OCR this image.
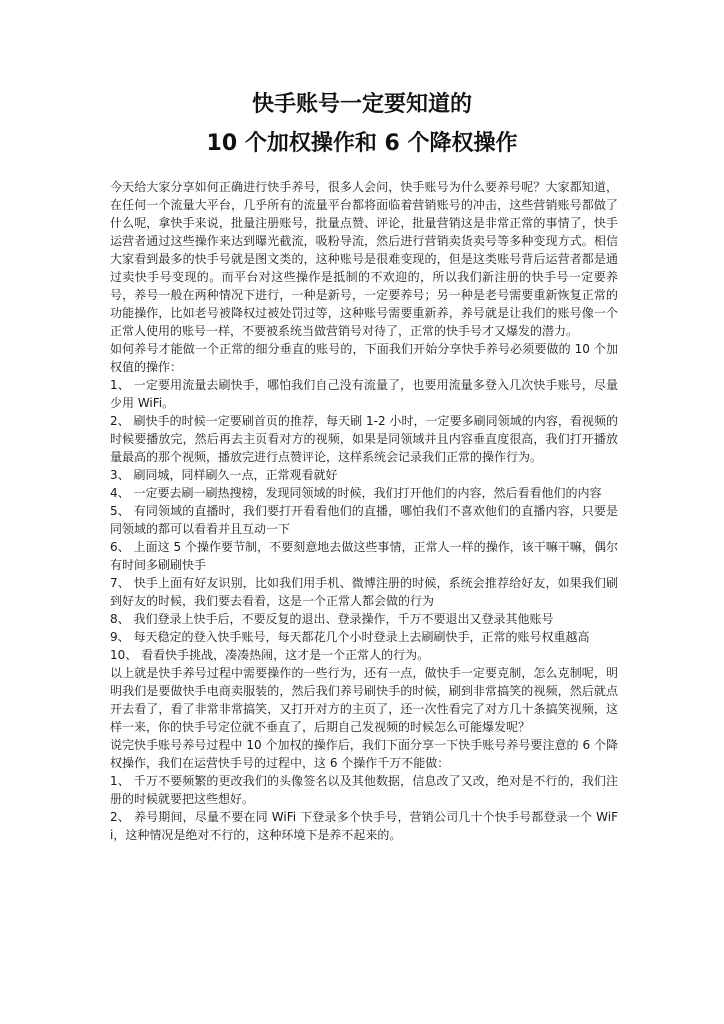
快手账号一定要知道的
10 个加权操作和 6 个降权操作

今天给大家分享如何正确进行快手养号，很多人会问，快手账号为什么要养号呢？大家都知道，在任何一个流量大平台，几乎所有的流量平台都将面临着营销账号的冲击，这些营销账号都做了什么呢，拿快手来说，批量注册账号，批量点赞、评论，批量营销这是非常正常的事情了，快手运营者通过这些操作来达到曝光截流，吸粉导流，然后进行营销卖货卖号等多种变现方式。相信大家看到最多的快手号就是图文类的，这种账号是很难变现的，但是这类账号背后运营者都是通过卖快手号变现的。而平台对这些操作是抵制的不欢迎的，所以我们新注册的快手号一定要养号，养号一般在两种情况下进行，一种是新号，一定要养号；另一种是老号需要重新恢复正常的功能操作，比如老号被降权过被处罚过等，这种账号需要重新养，养号就是让我们的账号像一个正常人使用的账号一样，不要被系统当做营销号对待了，正常的快手号才又爆发的潜力。

如何养号才能做一个正常的细分垂直的账号的，下面我们开始分享快手养号必须要做的 10 个加权值的操作：

1、 一定要用流量去刷快手，哪怕我们自己没有流量了，也要用流量多登入几次快手账号，尽量少用 WiFi。

2、 刷快手的时候一定要刷首页的推荐，每天刷 1-2 小时，一定要多刷同领域的内容，看视频的时候要播放完，然后再去主页看对方的视频，如果是同领域并且内容垂直度很高，我们打开播放量最高的那个视频，播放完进行点赞评论，这样系统会记录我们正常的操作行为。

3、 刷同城，同样刷久一点，正常观看就好

4、 一定要去刷一刷热搜榜，发现同领域的时候，我们打开他们的内容，然后看看他们的内容

5、 有同领域的直播时，我们要打开看看他们的直播，哪怕我们不喜欢他们的直播内容，只要是同领域的都可以看看并且互动一下

6、 上面这 5 个操作要节制，不要刻意地去做这些事情，正常人一样的操作，该干嘛干嘛，偶尔有时间多刷刷快手

7、 快手上面有好友识别，比如我们用手机、微博注册的时候，系统会推荐给好友，如果我们刷到好友的时候，我们要去看看，这是一个正常人都会做的行为

8、 我们登录上快手后，不要反复的退出、登录操作，千万不要退出又登录其他账号

9、 每天稳定的登入快手账号，每天都花几个小时登录上去刷刷快手，正常的账号权重越高

10、 看看快手挑战，凑凑热闹，这才是一个正常人的行为。

以上就是快手养号过程中需要操作的一些行为，还有一点，做快手一定要克制，怎么克制呢，明明我们是要做快手电商卖服装的，然后我们养号刷快手的时候，刷到非常搞笑的视频，然后就点开去看了，看了非常非常搞笑，又打开对方的主页了，还一次性看完了对方几十条搞笑视频，这样一来，你的快手号定位就不垂直了，后期自己发视频的时候怎么可能爆发呢？

说完快手账号养号过程中 10 个加权的操作后，我们下面分享一下快手账号养号要注意的 6 个降权操作，我们在运营快手号的过程中，这 6 个操作千万不能做：

1、 千万不要频繁的更改我们的头像签名以及其他数据，信息改了又改，绝对是不行的，我们注册的时候就要把这些想好。

2、 养号期间，尽量不要在同 WiFi 下登录多个快手号，营销公司几十个快手号都登录一个 WiFi，这种情况是绝对不行的，这种环境下是养不起来的。
